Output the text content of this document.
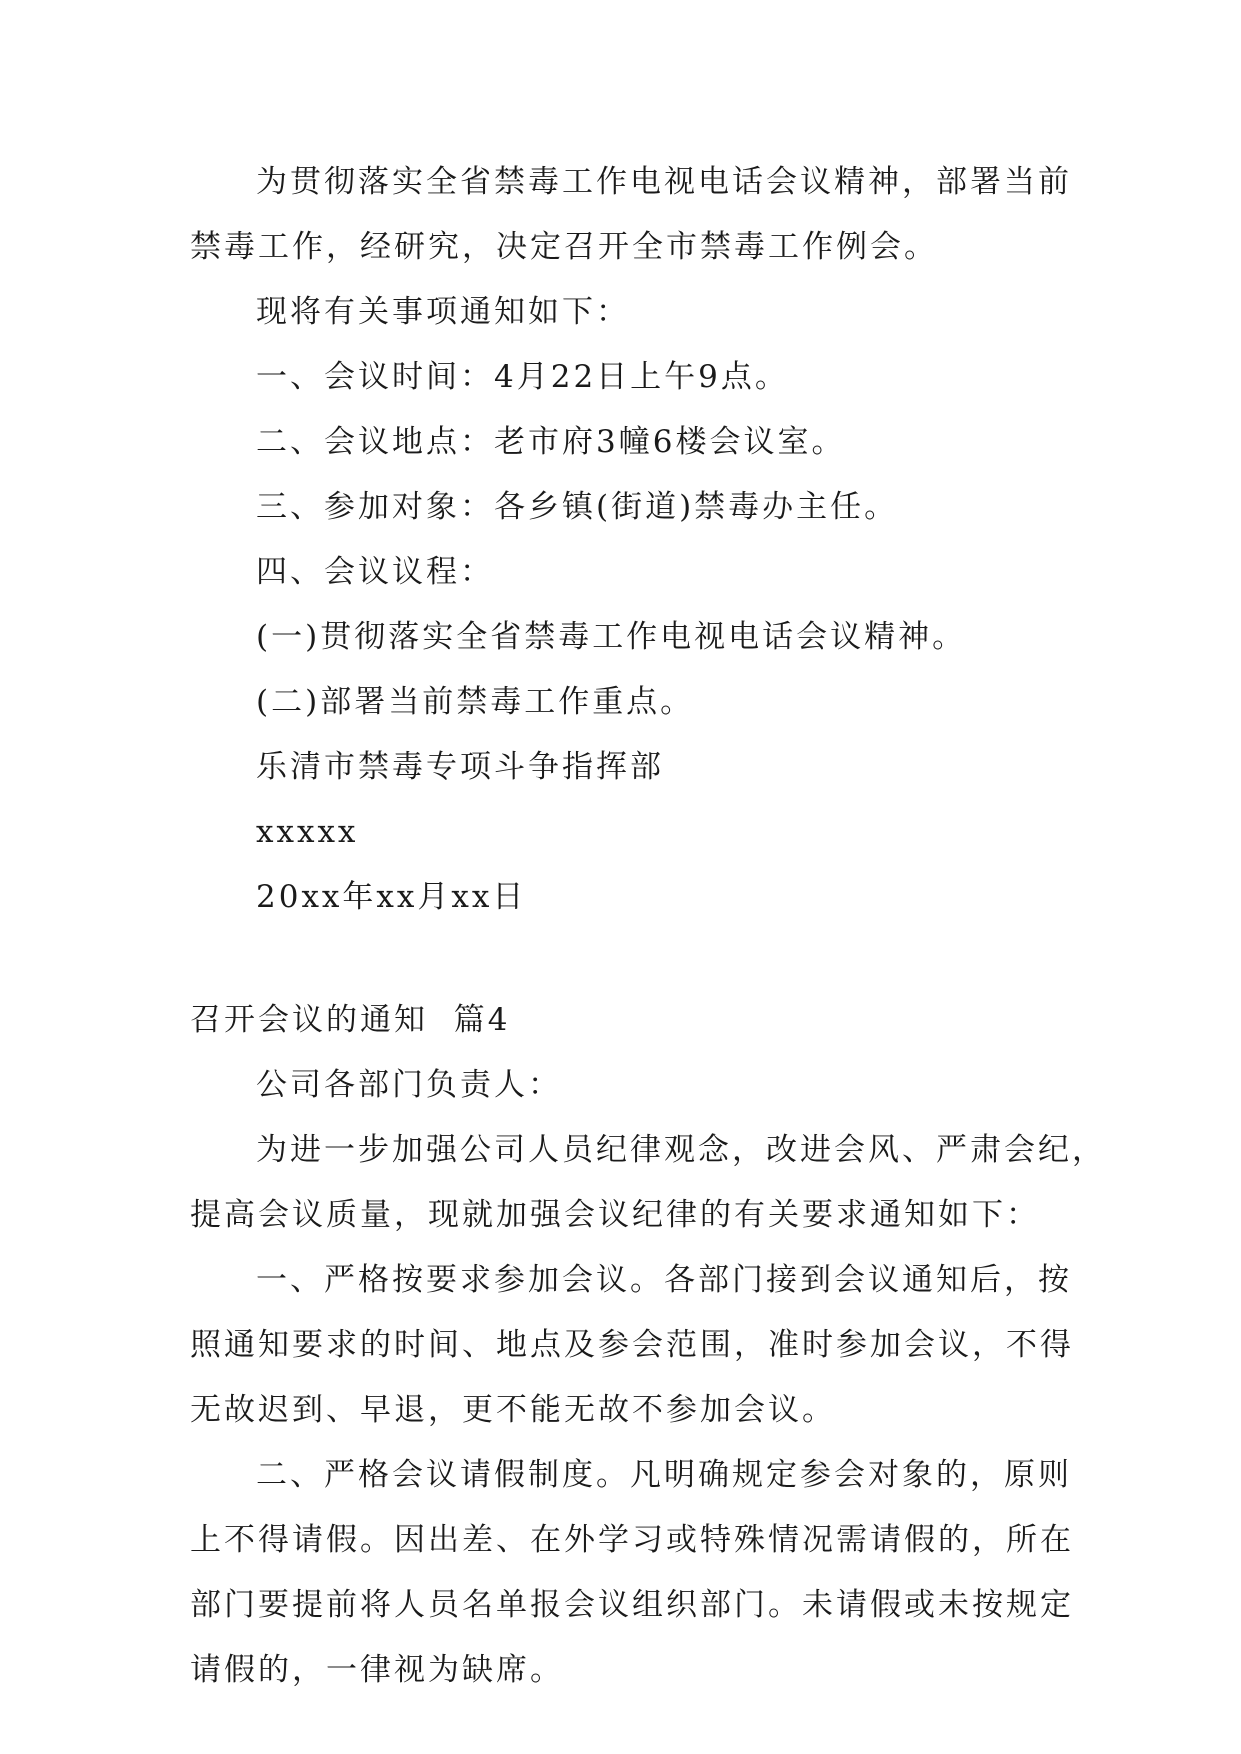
为贯彻落实全省禁毒工作电视电话会议精神，部署当前
禁毒工作，经研究，决定召开全市禁毒工作例会。
现将有关事项通知如下：
一、会议时间：4月22日上午9点。
二、会议地点：老市府3幢6楼会议室。
三、参加对象：各乡镇(街道)禁毒办主任。
四、会议议程：
(一)贯彻落实全省禁毒工作电视电话会议精神。
(二)部署当前禁毒工作重点。
乐清市禁毒专项斗争指挥部
xxxxx
20xx年xx月xx日
召开会议的通知  篇4
公司各部门负责人：
为进一步加强公司人员纪律观念，改进会风、严肃会纪，
提高会议质量，现就加强会议纪律的有关要求通知如下：
一、严格按要求参加会议。各部门接到会议通知后，按
照通知要求的时间、地点及参会范围，准时参加会议，不得
无故迟到、早退，更不能无故不参加会议。
二、严格会议请假制度。凡明确规定参会对象的，原则
上不得请假。因出差、在外学习或特殊情况需请假的，所在
部门要提前将人员名单报会议组织部门。未请假或未按规定
请假的，一律视为缺席。
